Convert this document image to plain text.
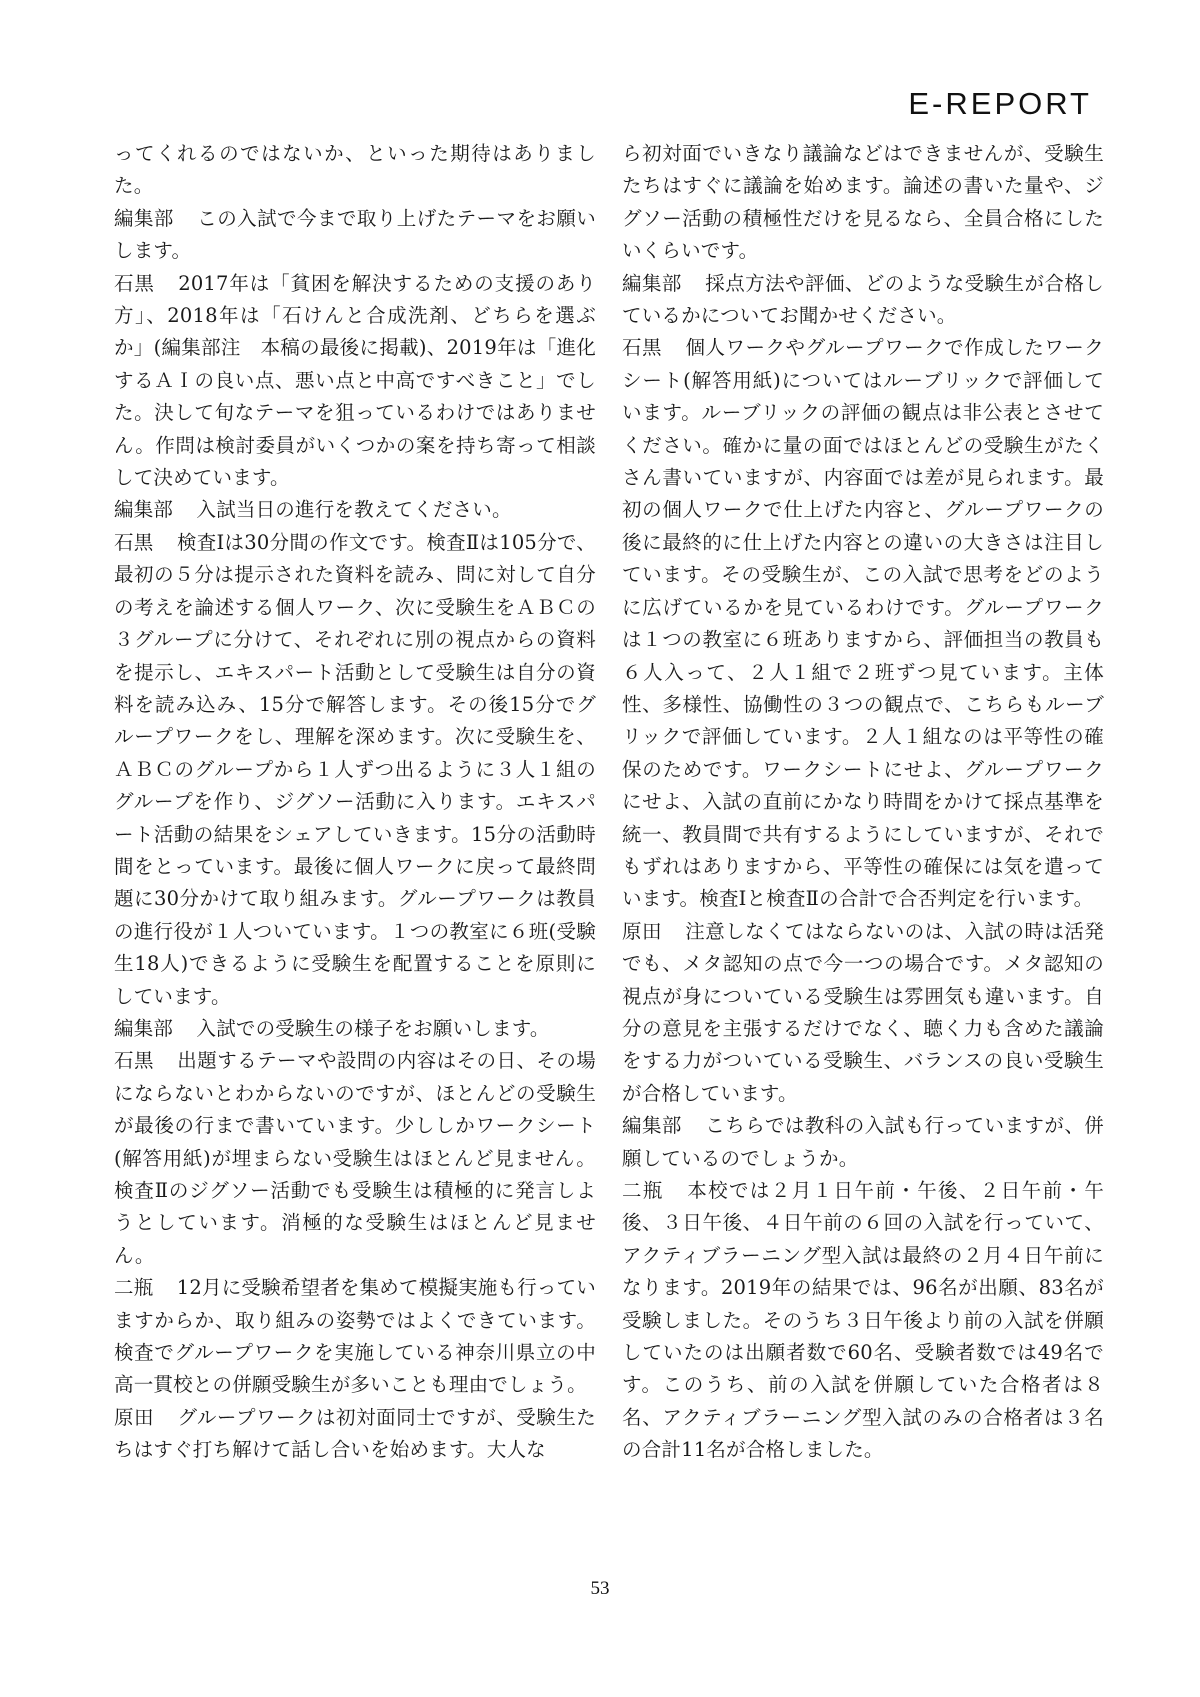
E-REPORT

ってくれるのではないか、といった期待はありました。

編集部 この入試で今まで取り上げたテーマをお願いします。

石黒 2017年は「貧困を解決するための支援のあり方」、2018年は「石けんと合成洗剤、どちらを選ぶか」(編集部注　本稿の最後に掲載)、2019年は「進化するＡＩの良い点、悪い点と中高ですべきこと」でした。決して旬なテーマを狙っているわけではありません。作問は検討委員がいくつかの案を持ち寄って相談して決めています。

編集部 入試当日の進行を教えてください。

石黒 検査Ⅰは30分間の作文です。検査Ⅱは105分で、最初の５分は提示された資料を読み、問に対して自分の考えを論述する個人ワーク、次に受験生をＡＢＣの３グループに分けて、それぞれに別の視点からの資料を提示し、エキスパート活動として受験生は自分の資料を読み込み、15分で解答します。その後15分でグループワークをし、理解を深めます。次に受験生を、ＡＢＣのグループから１人ずつ出るように３人１組のグループを作り、ジグソー活動に入ります。エキスパート活動の結果をシェアしていきます。15分の活動時間をとっています。最後に個人ワークに戻って最終問題に30分かけて取り組みます。グループワークは教員の進行役が１人ついています。１つの教室に６班(受験生18人)できるように受験生を配置することを原則にしています。

編集部 入試での受験生の様子をお願いします。

石黒 出題するテーマや設問の内容はその日、その場にならないとわからないのですが、ほとんどの受験生が最後の行まで書いています。少ししかワークシート(解答用紙)が埋まらない受験生はほとんど見ません。検査Ⅱのジグソー活動でも受験生は積極的に発言しようとしています。消極的な受験生はほとんど見ません。

二瓶 12月に受験希望者を集めて模擬実施も行っていますからか、取り組みの姿勢ではよくできています。検査でグループワークを実施している神奈川県立の中高一貫校との併願受験生が多いことも理由でしょう。

原田 グループワークは初対面同士ですが、受験生たちはすぐ打ち解けて話し合いを始めます。大人な

ら初対面でいきなり議論などはできませんが、受験生たちはすぐに議論を始めます。論述の書いた量や、ジグソー活動の積極性だけを見るなら、全員合格にしたいくらいです。

編集部 採点方法や評価、どのような受験生が合格しているかについてお聞かせください。

石黒 個人ワークやグループワークで作成したワークシート(解答用紙)についてはルーブリックで評価しています。ルーブリックの評価の観点は非公表とさせてください。確かに量の面ではほとんどの受験生がたくさん書いていますが、内容面では差が見られます。最初の個人ワークで仕上げた内容と、グループワークの後に最終的に仕上げた内容との違いの大きさは注目しています。その受験生が、この入試で思考をどのように広げているかを見ているわけです。グループワークは１つの教室に６班ありますから、評価担当の教員も６人入って、２人１組で２班ずつ見ています。主体性、多様性、協働性の３つの観点で、こちらもルーブリックで評価しています。２人１組なのは平等性の確保のためです。ワークシートにせよ、グループワークにせよ、入試の直前にかなり時間をかけて採点基準を統一、教員間で共有するようにしていますが、それでもずれはありますから、平等性の確保には気を遣っています。検査Ⅰと検査Ⅱの合計で合否判定を行います。

原田 注意しなくてはならないのは、入試の時は活発でも、メタ認知の点で今一つの場合です。メタ認知の視点が身についている受験生は雰囲気も違います。自分の意見を主張するだけでなく、聴く力も含めた議論をする力がついている受験生、バランスの良い受験生が合格しています。

編集部 こちらでは教科の入試も行っていますが、併願しているのでしょうか。

二瓶 本校では２月１日午前・午後、２日午前・午後、３日午後、４日午前の６回の入試を行っていて、アクティブラーニング型入試は最終の２月４日午前になります。2019年の結果では、96名が出願、83名が受験しました。そのうち３日午後より前の入試を併願していたのは出願者数で60名、受験者数では49名です。このうち、前の入試を併願していた合格者は８名、アクティブラーニング型入試のみの合格者は３名の合計11名が合格しました。

53
